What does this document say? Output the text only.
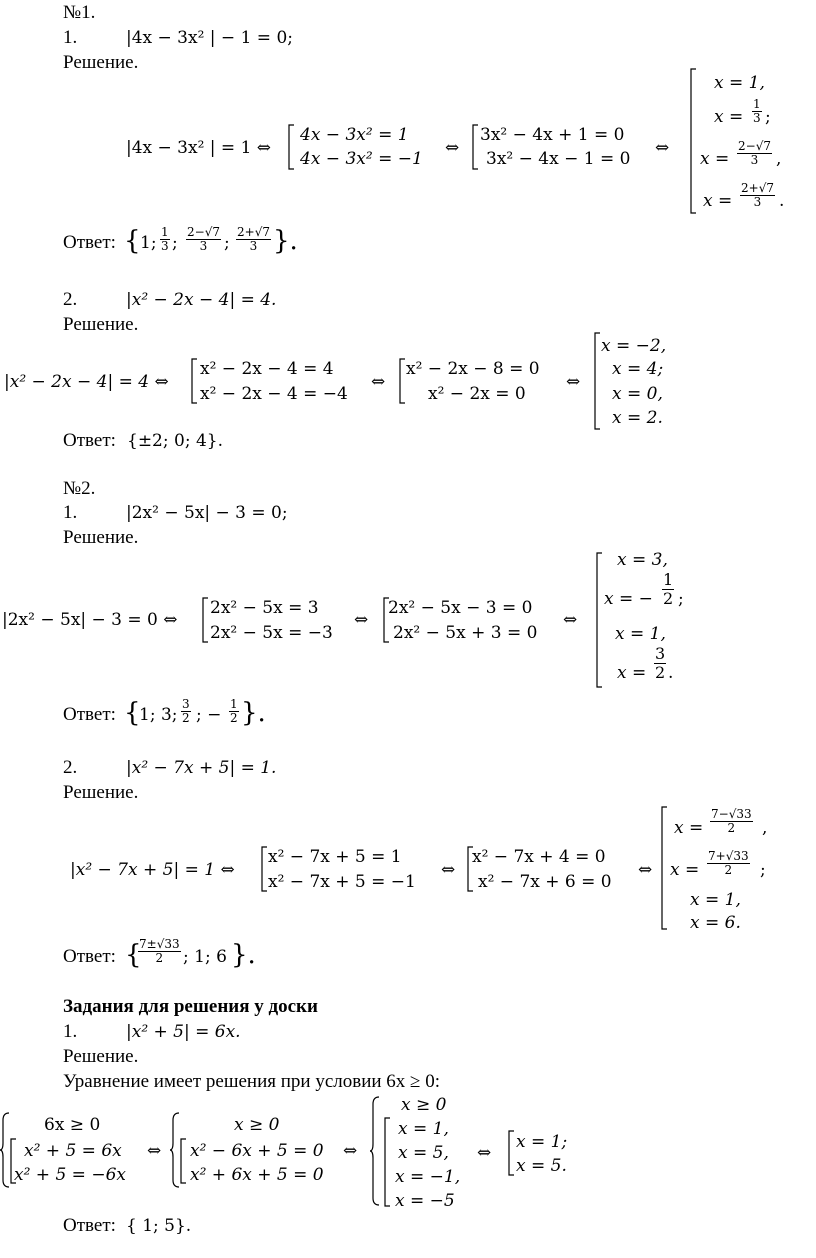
№1.
1.	|4x − 3x² | − 1 = 0;
Решение.
|4x − 3x² | = 1 ⇔
4x − 3x² = 1
4x − 3x² = −1
⇔
3x² − 4x + 1 = 0
3x² − 4x − 1 = 0
⇔
x = 1,
$x = \frac{1}{3}$ ;
$x = \frac{2-√7}{3}$ ,
$x = \frac{2+√7}{3}$ .
Ответ: { 1; $\frac{1}{3}$ ; $\frac{2-√7}{3}$ ; $\frac{2+√7}{3}$ }.
2.	|x² − 2x − 4| = 4.
Решение.
|x² − 2x − 4| = 4 ⇔
x² − 2x − 4 = 4
x² − 2x − 4 = −4
⇔
x² − 2x − 8 = 0
x² − 2x = 0
⇔
x = −2,
x = 4;
x = 0,
x = 2.
Ответ: {±2; 0; 4}.
№2.
1.	|2x² − 5x| − 3 = 0;
Решение.
|2x² − 5x| − 3 = 0 ⇔
2x² − 5x = 3
2x² − 5x = −3
⇔
2x² − 5x − 3 = 0
2x² − 5x + 3 = 0
⇔
x = 3,
x = − $\frac{1}{2}$ ;
x = 1,
$x = \frac{3}{2}$ .
Ответ: {
1; 3; $\frac{3}{2}$ ; − $\frac{1}{2}$ }.
2.	|x² − 7x + 5| = 1.
Решение.
|x² − 7x + 5| = 1 ⇔
x² − 7x + 5 = 1
x² − 7x + 5 = −1
⇔
x² − 7x + 4 = 0
x² − 7x + 6 = 0
⇔
$x = \frac{7-√33}{2}$ ,
$x = \frac{7+√33}{2}$ ;
x = 1,
x = 6.
Ответ: {
$\frac{7\pm√33}{2}$ ; 1; 6 }.
Задания для решения у доски
1.	|x² + 5| = 6x.
Решение.
Уравнение имеет решения при условии 6x ≥ 0:
6x ≥ 0
x² + 5 = 6x
x² + 5 = −6x
⇔
x ≥ 0
x² − 6x + 5 = 0
x² + 6x + 5 = 0
⇔
x ≥ 0
x = 1,
x = 5,
x = −1,
x = −5
⇔
x = 1;
x = 5.
Ответ: { 1; 5}.
